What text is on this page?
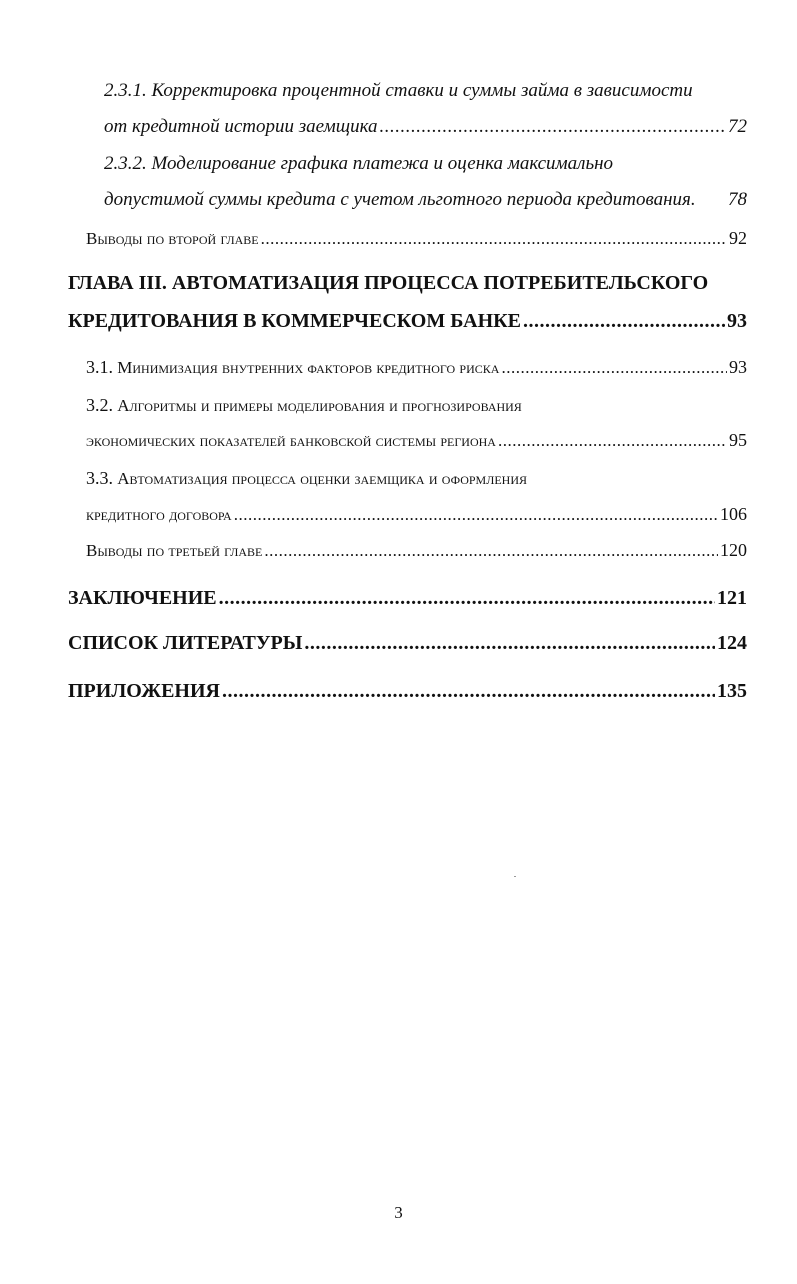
2.3.1. Корректировка процентной ставки и суммы займа в зависимости
от кредитной истории заемщика .....	72
2.3.2. Моделирование графика платежа и оценка максимально
допустимой суммы кредита с учетом льготного периода кредитования. 78
Выводы по второй главе .....	92
ГЛАВА III. АВТОМАТИЗАЦИЯ ПРОЦЕССА ПОТРЕБИТЕЛЬСКОГО
КРЕДИТОВАНИЯ В КОММЕРЧЕСКОМ БАНКЕ .....	93
3.1. Минимизация внутренних факторов кредитного риска .....	93
3.2. Алгоритмы и примеры моделирования и прогнозирования
экономических показателей банковской системы региона .....	95
3.3. Автоматизация процесса оценки заемщика и оформления
кредитного договора .....	106
Выводы по третьей главе .....	120
ЗАКЛЮЧЕНИЕ .....	121
СПИСОК ЛИТЕРАТУРЫ .....	124
ПРИЛОЖЕНИЯ .....	135
3
